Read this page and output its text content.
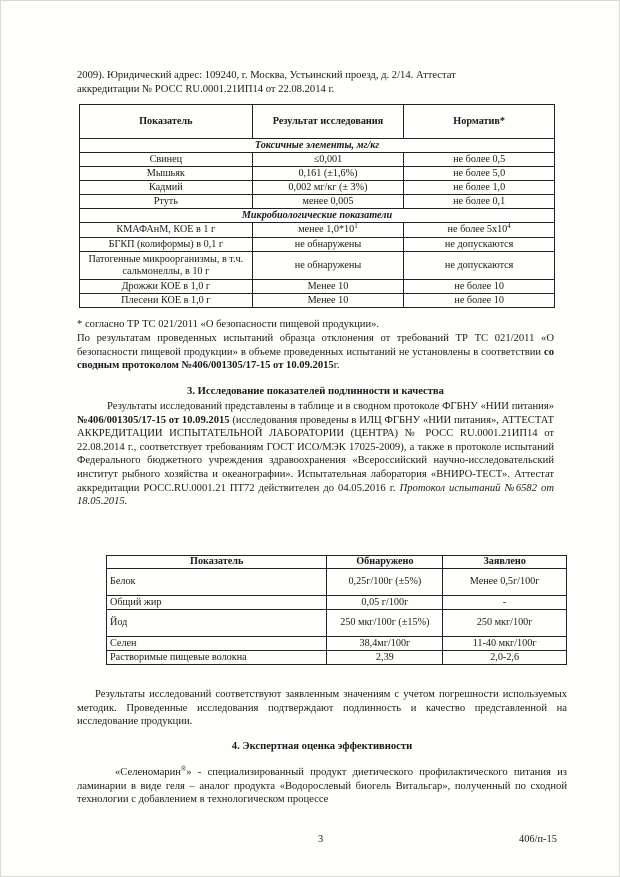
2009). Юридический адрес: 109240, г. Москва, Устьинский проезд, д. 2/14. Аттестат

аккредитации № РОСС RU.0001.21ИП14 от 22.08.2014 г.

Показатель	Результат исследования	Норматив*
Токсичные элементы, мг/кг		
Свинец	≤0,001	не более 0,5
Мышьяк	0,161 (±1,6%)	не более 5,0
Кадмий	0,002 мг/кг (± 3%)	не более 1,0
Ртуть	менее 0,005	не более 0,1
Микробиологические показатели		
КМАФАнМ, КОЕ в 1 г	менее $1,0*10^1$	не более $5х10^4$
БГКП (колиформы) в 0,1 г	не обнаружены	не допускаются
Патогенные микроорганизмы, в т.ч. сальмонеллы, в 10 г	не обнаружены	не допускаются
Дрожжи КОЕ в 1,0 г	Менее 10	не более 10
Плесени КОЕ в 1,0 г	Менее 10	не более 10

* согласно ТР ТС 021/2011 «О безопасности пищевой продукции».

По результатам проведенных испытаний образца отклонения от требований ТР ТС 021/2011 «О безопасности пищевой продукции» в объеме проведенных испытаний не установлены в соответствии со сводным протоколом №406/001305/17-15 от 10.09.2015г.

3. Исследование показателей подлинности и качества

Результаты исследований представлены в таблице и в сводном протоколе ФГБНУ «НИИ питания» №406/001305/17-15 от 10.09.2015 (исследования проведены в ИЛЦ ФГБНУ «НИИ питания», АТТЕСТАТ АККРЕДИТАЦИИ ИСПЫТАТЕЛЬНОЙ ЛАБОРАТОРИИ (ЦЕНТРА) № РОСС RU.0001.21ИП14 от 22.08.2014 г., соответствует требованиям ГОСТ ИСО/МЭК 17025-2009), а также в протоколе испытаний Федерального бюджетного учреждения здравоохранения «Всероссийский научно-исследовательский институт рыбного хозяйства и океанографии». Испытательная лаборатория «ВНИРО-ТЕСТ». Аттестат аккредитации РОСС.RU.0001.21 ПТ72 действителен до 04.05.2016 г. Протокол испытаний №6582 от 18.05.2015.

Показатель	Обнаружено	Заявлено
Белок	0,25г/100г (±5%)	Менее 0,5г/100г
Общий жир	0,05 г/100г	-
Йод	250 мкг/100г (±15%)	250 мкг/100г
Селен	38,4мг/100г	11-40 мкг/100г
Растворимые пищевые волокна	2,39	2,0-2,6

Результаты исследований соответствуют заявленным значениям с учетом погрешности используемых методик. Проведенные исследования подтверждают подлинность и качество представленной на исследование продукции.

4. Экспертная оценка эффективности

«Селеномарин®» - специализированный продукт диетического профилактического питания из ламинарии в виде геля – аналог продукта «Водорослевый биогель Витальгар», полученный по сходной технологии с добавлением в технологическом процессе

3	406/п-15
